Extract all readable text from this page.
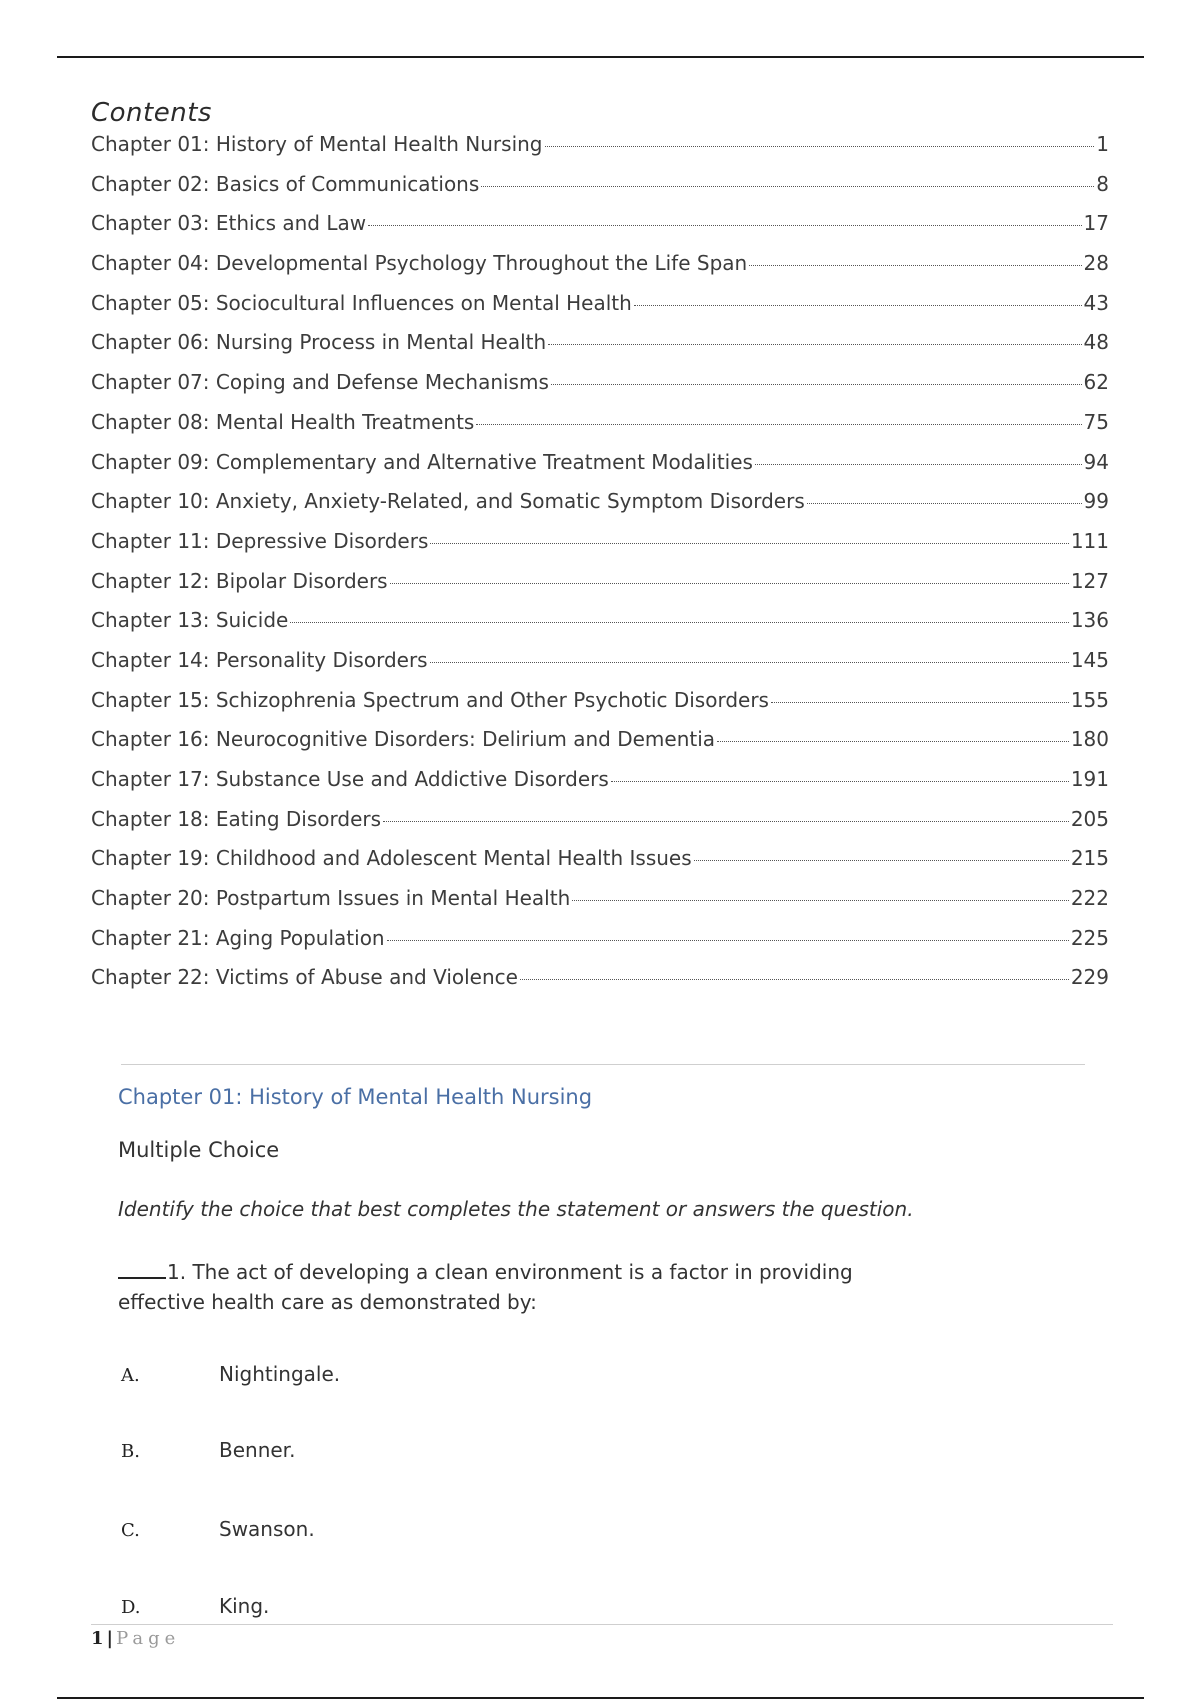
Contents
Chapter 01: History of Mental Health Nursing	1
Chapter 02: Basics of Communications	8
Chapter 03: Ethics and Law	17
Chapter 04: Developmental Psychology Throughout the Life Span	28
Chapter 05: Sociocultural Influences on Mental Health	43
Chapter 06: Nursing Process in Mental Health	48
Chapter 07: Coping and Defense Mechanisms	62
Chapter 08: Mental Health Treatments	75
Chapter 09: Complementary and Alternative Treatment Modalities	94
Chapter 10: Anxiety, Anxiety-Related, and Somatic Symptom Disorders	99
Chapter 11: Depressive Disorders	111
Chapter 12: Bipolar Disorders	127
Chapter 13: Suicide	136
Chapter 14: Personality Disorders	145
Chapter 15: Schizophrenia Spectrum and Other Psychotic Disorders	155
Chapter 16: Neurocognitive Disorders: Delirium and Dementia	180
Chapter 17: Substance Use and Addictive Disorders	191
Chapter 18: Eating Disorders	205
Chapter 19: Childhood and Adolescent Mental Health Issues	215
Chapter 20: Postpartum Issues in Mental Health	222
Chapter 21: Aging Population	225
Chapter 22: Victims of Abuse and Violence	229
Chapter 01: History of Mental Health Nursing
Multiple Choice
Identify the choice that best completes the statement or answers the question.
1. The act of developing a clean environment is a factor in providing effective health care as demonstrated by:
A.	Nightingale.
B.	Benner.
C.	Swanson.
D.	King.
1 | Page
